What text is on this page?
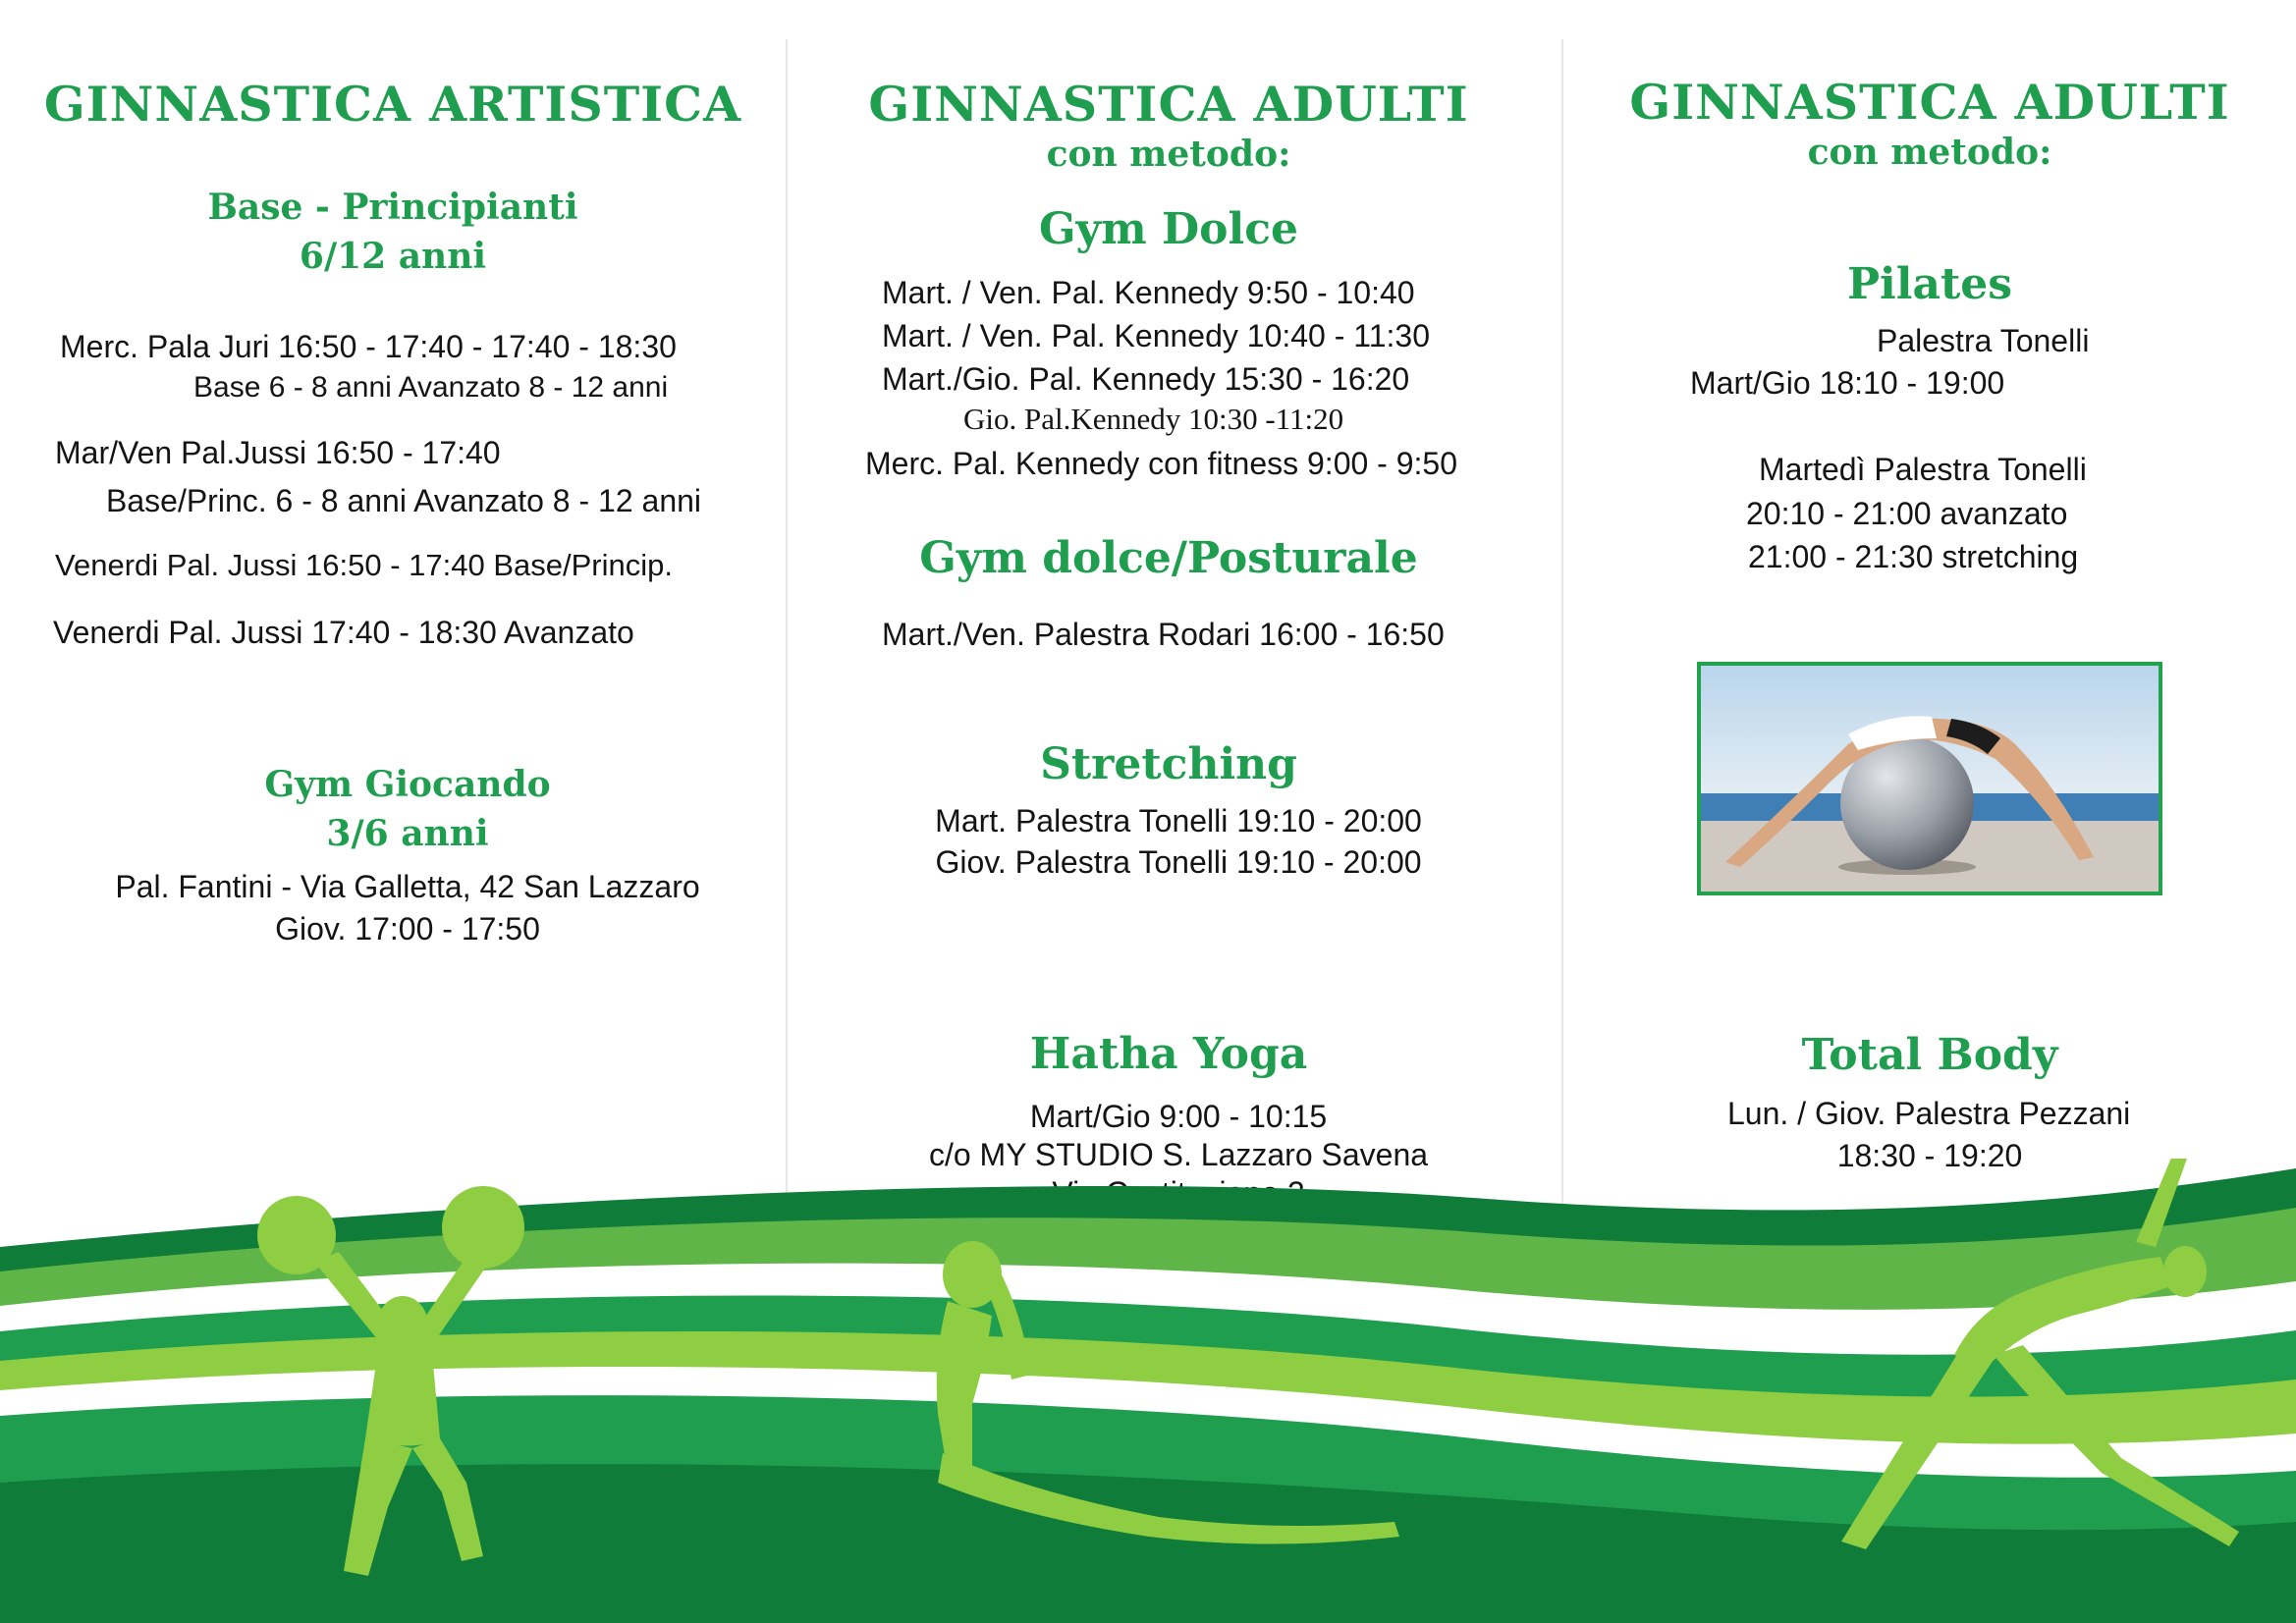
GINNASTICA ARTISTICA
Base - Principianti
6/12 anni
Merc. Pala Juri 16:50 - 17:40 - 17:40 - 18:30
Base 6 - 8 anni Avanzato 8 - 12 anni
Mar/Ven Pal.Jussi 16:50 - 17:40
Base/Princ. 6 - 8 anni Avanzato 8 - 12 anni
Venerdi Pal. Jussi 16:50 - 17:40 Base/Princip.
Venerdi Pal. Jussi 17:40 - 18:30 Avanzato
Gym Giocando
3/6 anni
Pal. Fantini - Via Galletta, 42 San Lazzaro
Giov. 17:00 - 17:50
GINNASTICA ADULTI
con metodo:
Gym Dolce
Mart. / Ven. Pal. Kennedy 9:50 - 10:40
Mart. / Ven. Pal. Kennedy 10:40 - 11:30
Mart./Gio. Pal. Kennedy 15:30 - 16:20
Gio. Pal.Kennedy 10:30 -11:20
Merc. Pal. Kennedy con fitness 9:00 - 9:50
Gym dolce/Posturale
Mart./Ven. Palestra Rodari 16:00 - 16:50
Stretching
Mart. Palestra Tonelli 19:10 - 20:00
Giov. Palestra Tonelli 19:10 - 20:00
Hatha Yoga
Mart/Gio 9:00 - 10:15
c/o MY STUDIO S. Lazzaro Savena
GINNASTICA ADULTI
con metodo:
Pilates
Palestra Tonelli
Mart/Gio 18:10 - 19:00
Martedì Palestra Tonelli
20:10 - 21:00 avanzato
21:00 - 21:30 stretching
Total Body
Lun. / Giov. Palestra Pezzani
18:30 - 19:20
